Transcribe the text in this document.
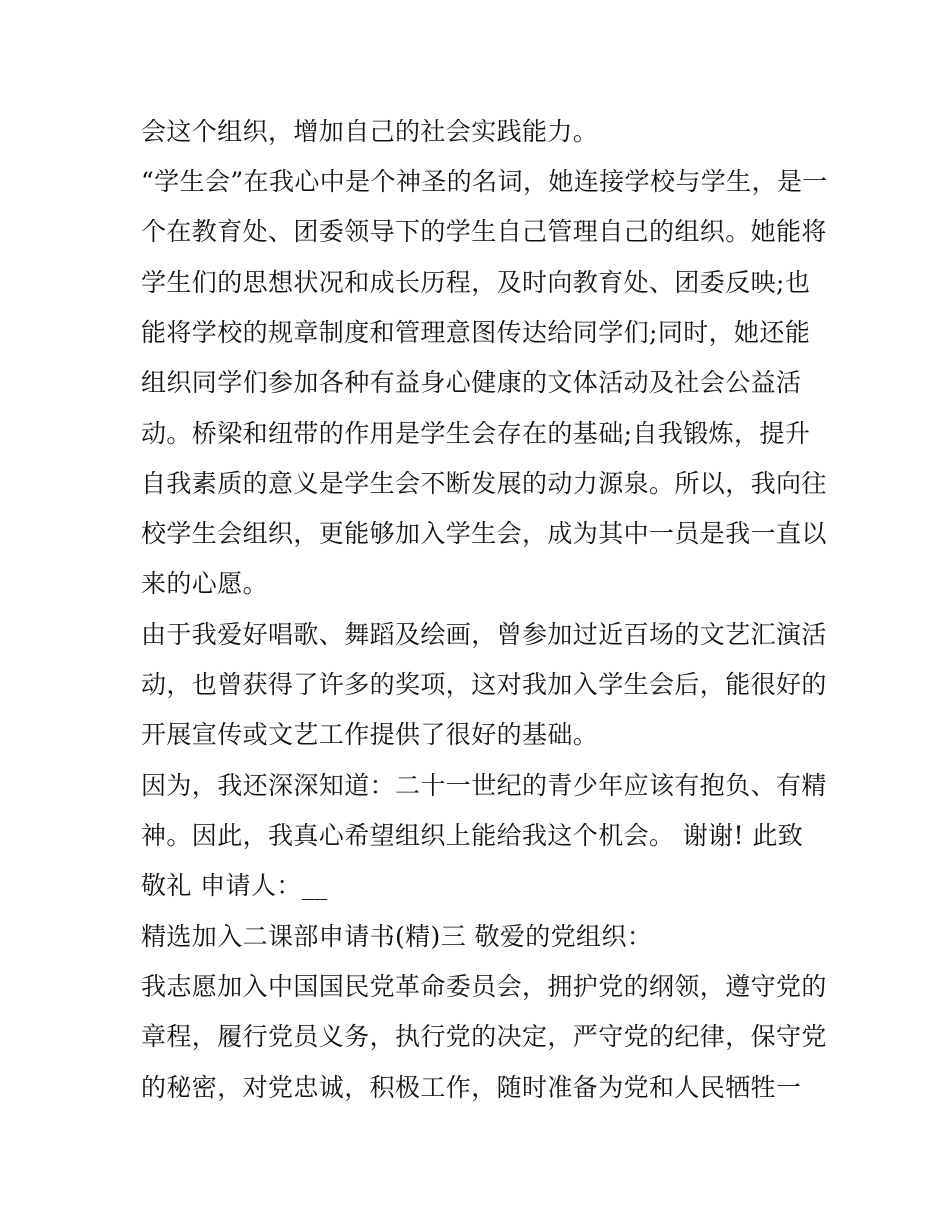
会这个组织，增加自己的社会实践能力。
“学生会”在我心中是个神圣的名词，她连接学校与学生，是一
个在教育处、团委领导下的学生自己管理自己的组织。她能将
学生们的思想状况和成长历程，及时向教育处、团委反映;也
能将学校的规章制度和管理意图传达给同学们;同时，她还能
组织同学们参加各种有益身心健康的文体活动及社会公益活
动。桥梁和纽带的作用是学生会存在的基础;自我锻炼，提升
自我素质的意义是学生会不断发展的动力源泉。所以，我向往
校学生会组织，更能够加入学生会，成为其中一员是我一直以
来的心愿。
由于我爱好唱歌、舞蹈及绘画，曾参加过近百场的文艺汇演活
动，也曾获得了许多的奖项，这对我加入学生会后，能很好的
开展宣传或文艺工作提供了很好的基础。
因为，我还深深知道：二十一世纪的青少年应该有抱负、有精
神。因此，我真心希望组织上能给我这个机会。 谢谢! 此致
敬礼 申请人：__
精选加入二课部申请书(精)三 敬爱的党组织：
我志愿加入中国国民党革命委员会，拥护党的纲领，遵守党的
章程，履行党员义务，执行党的决定，严守党的纪律，保守党
的秘密，对党忠诚，积极工作，随时准备为党和人民牺牲一
